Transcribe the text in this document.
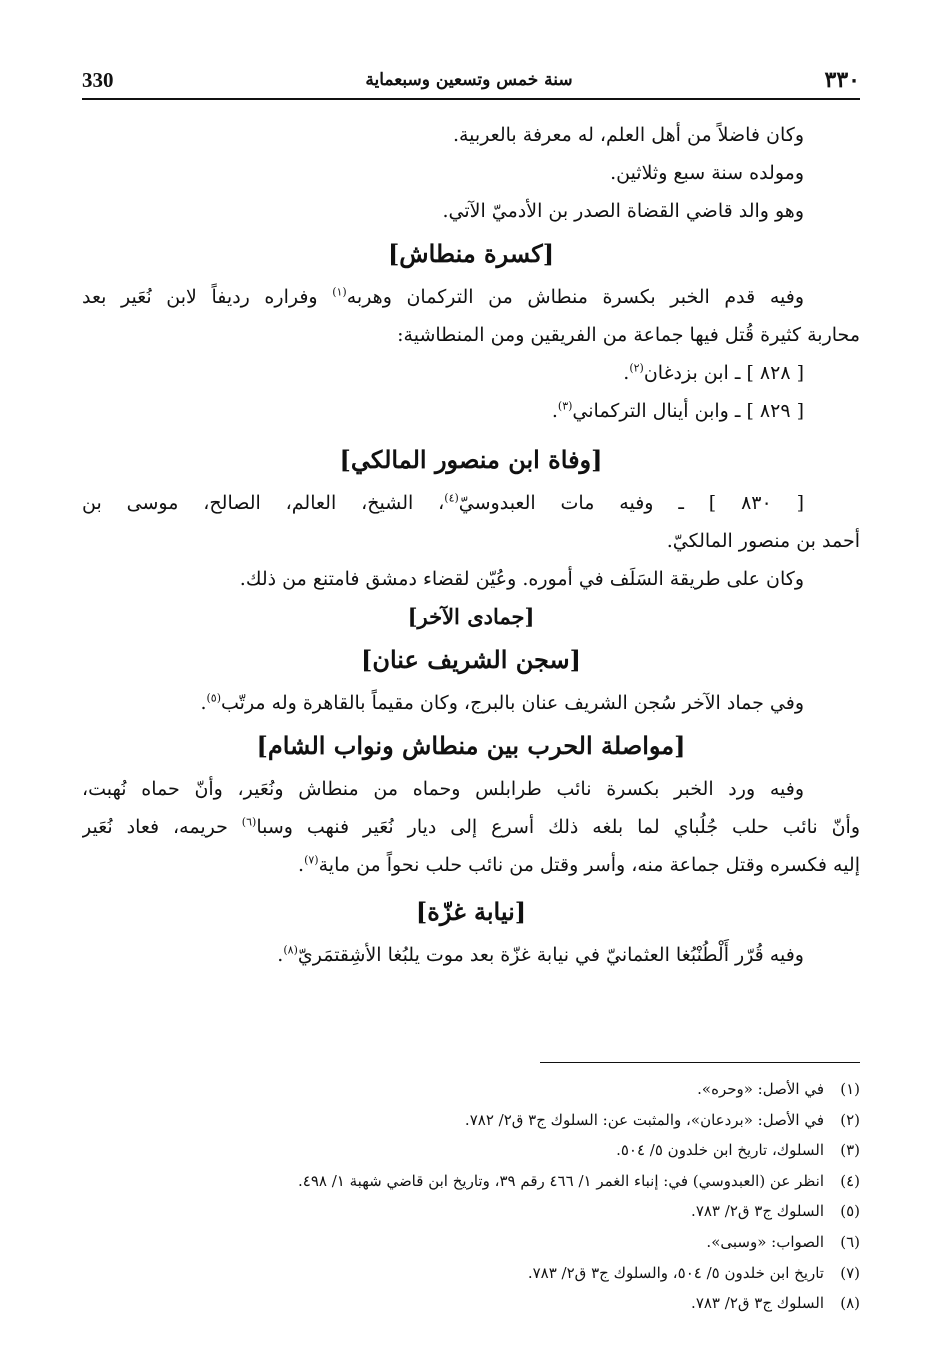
330	سنة خمس وتسعين وسبعماية	٣٣٠
وكان فاضلاً من أهل العلم، له معرفة بالعربية.
ومولده سنة سبع وثلاثين.
وهو والد قاضي القضاة الصدر بن الأدميّ الآتي.
[كسرة منطاش]
وفيه قدم الخبر بكسرة منطاش من التركمان وهربه$^{(١)}$ وفراره رديفاً لابن نُعَير بعد
محاربة كثيرة قُتل فيها جماعة من الفريقين ومن المنطاشية:
[ ٨٢٨ ] ـ ابن بزدغان$^{(٢)}$.
[ ٨٢٩ ] ـ وابن أينال التركماني$^{(٣)}$.
[وفاة ابن منصور المالكي]
[ ٨٣٠ ] ـ وفيه مات العبدوسيّ$^{(٤)}$، الشيخ، العالم، الصالح، موسى بن
أحمد بن منصور المالكيّ.
وكان على طريقة السَلَف في أموره. وعُيّن لقضاء دمشق فامتنع من ذلك.
[جمادى الآخر]
[سجن الشريف عنان]
وفي جماد الآخر سُجن الشريف عنان بالبرج، وكان مقيماً بالقاهرة وله مرتّب$^{(٥)}$.
[مواصلة الحرب بين منطاش ونواب الشام]
وفيه ورد الخبر بكسرة نائب طرابلس وحماه من منطاش ونُعَير، وأنّ حماه نُهبت،
وأنّ نائب حلب جُلُباي لما بلغه ذلك أسرع إلى ديار نُعَير فنهب وسبا$^{(٦)}$ حريمه، فعاد نُعَير
إليه فكسره وقتل جماعة منه، وأسر وقتل من نائب حلب نحواً من ماية$^{(٧)}$.
[نيابة غزّة]
وفيه قُرّر أَلْطُنْبُغا العثمانيّ في نيابة غزّة بعد موت يلبُغا الأشِقتمَريّ$^{(٨)}$.
(١)
في الأصل: «وحره».
(٢)
في الأصل: «بردعان»، والمثبت عن: السلوك ج٣ ق٢/ ٧٨٢.
(٣)
السلوك، تاريخ ابن خلدون ٥/ ٥٠٤.
(٤)
انظر عن (العبدوسي) في: إنباء الغمر ١/ ٤٦٦ رقم ٣٩، وتاريخ ابن قاضي شهبة ١/ ٤٩٨.
(٥)
السلوك ج٣ ق٢/ ٧٨٣.
(٦)
الصواب: «وسبى».
(٧)
تاريخ ابن خلدون ٥/ ٥٠٤، والسلوك ج٣ ق٢/ ٧٨٣.
(٨)
السلوك ج٣ ق٢/ ٧٨٣.
